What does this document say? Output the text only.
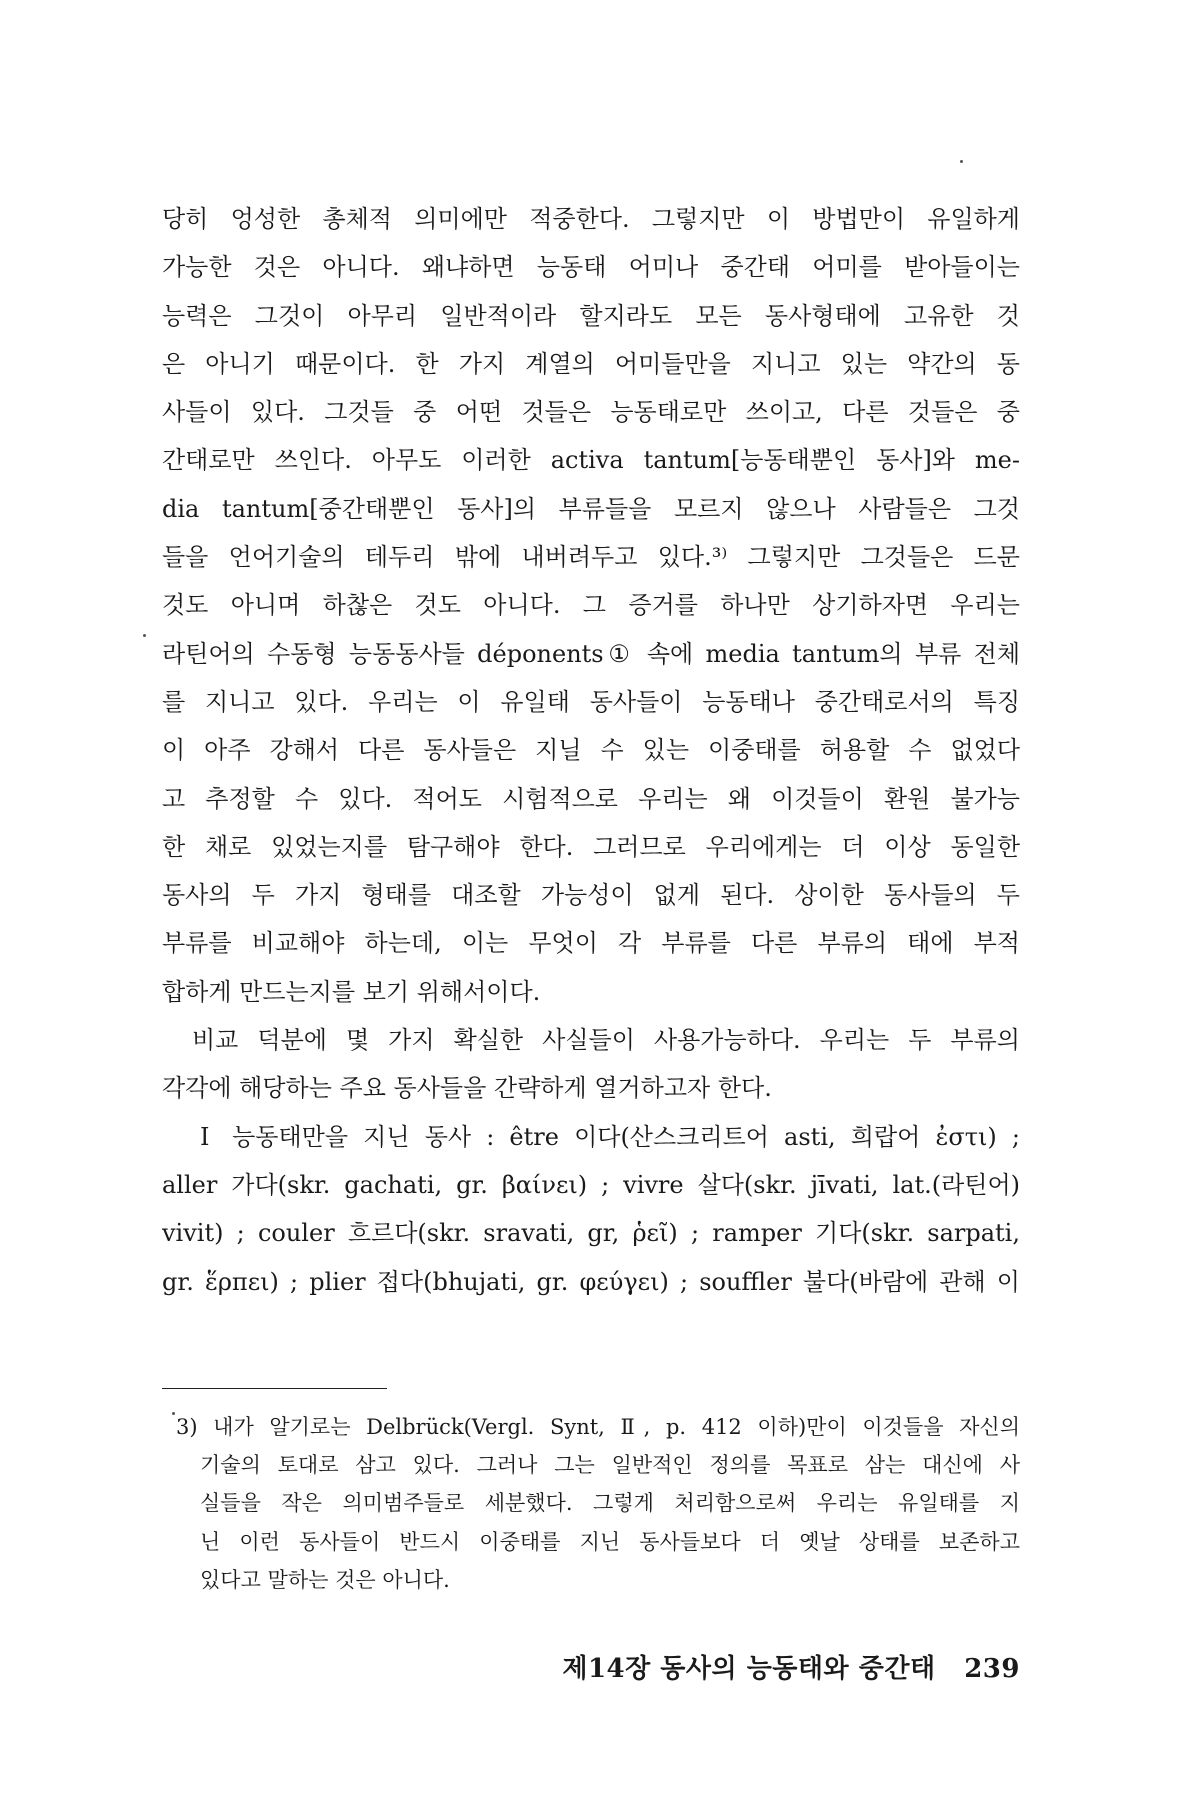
당히 엉성한 총체적 의미에만 적중한다. 그렇지만 이 방법만이 유일하게
가능한 것은 아니다. 왜냐하면 능동태 어미나 중간태 어미를 받아들이는
능력은 그것이 아무리 일반적이라 할지라도 모든 동사형태에 고유한 것
은 아니기 때문이다. 한 가지 계열의 어미들만을 지니고 있는 약간의 동
사들이 있다. 그것들 중 어떤 것들은 능동태로만 쓰이고, 다른 것들은 중
간태로만 쓰인다. 아무도 이러한 activa tantum[능동태뿐인 동사]와 me-
dia tantum[중간태뿐인 동사]의 부류들을 모르지 않으나 사람들은 그것
들을 언어기술의 테두리 밖에 내버려두고 있다.³⁾ 그렇지만 그것들은 드문
것도 아니며 하찮은 것도 아니다. 그 증거를 하나만 상기하자면 우리는
라틴어의 수동형 능동동사들 déponents① 속에 media tantum의 부류 전체
를 지니고 있다. 우리는 이 유일태 동사들이 능동태나 중간태로서의 특징
이 아주 강해서 다른 동사들은 지닐 수 있는 이중태를 허용할 수 없었다
고 추정할 수 있다. 적어도 시험적으로 우리는 왜 이것들이 환원 불가능
한 채로 있었는지를 탐구해야 한다. 그러므로 우리에게는 더 이상 동일한
동사의 두 가지 형태를 대조할 가능성이 없게 된다. 상이한 동사들의 두
부류를 비교해야 하는데, 이는 무엇이 각 부류를 다른 부류의 태에 부적
합하게 만드는지를 보기 위해서이다.
비교 덕분에 몇 가지 확실한 사실들이 사용가능하다. 우리는 두 부류의
각각에 해당하는 주요 동사들을 간략하게 열거하고자 한다.
Ⅰ 능동태만을 지닌 동사 : être 이다(산스크리트어 asti, 희랍어 ἐστι) ;
aller 가다(skr. gachati, gr. βαίνει) ; vivre 살다(skr. jīvati, lat.(라틴어)
vivit) ; couler 흐르다(skr. sravati, gr, ῥεῖ) ; ramper 기다(skr. sarpati,
gr. ἕρπει) ; plier 접다(bhujati, gr. φεύγει) ; souffler 불다(바람에 관해 이
3) 내가 알기로는 Delbrück(Vergl. Synt, Ⅱ, p. 412 이하)만이 이것들을 자신의
기술의 토대로 삼고 있다. 그러나 그는 일반적인 정의를 목표로 삼는 대신에 사
실들을 작은 의미범주들로 세분했다. 그렇게 처리함으로써 우리는 유일태를 지
닌 이런 동사들이 반드시 이중태를 지닌 동사들보다 더 옛날 상태를 보존하고
있다고 말하는 것은 아니다.
제14장 동사의 능동태와 중간태 239
